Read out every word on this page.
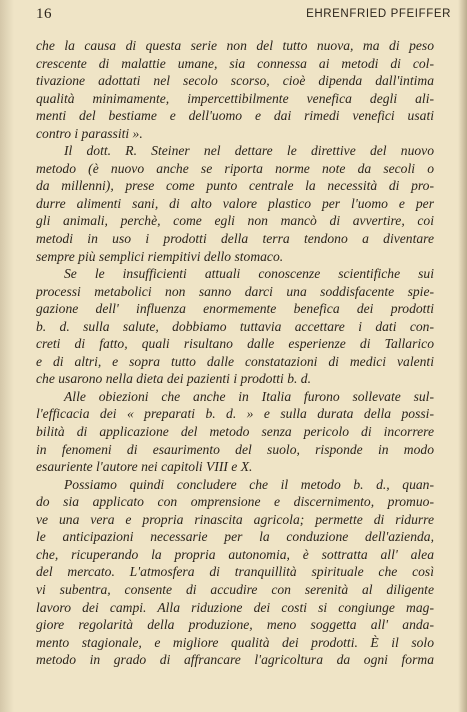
16	EHRENFRIED PFEIFFER
che la causa di questa serie non del tutto nuova, ma di peso
crescente di malattie umane, sia connessa ai metodi di col-
tivazione adottati nel secolo scorso, cioè dipenda dall'intima
qualità minimamente, impercettibilmente venefica degli ali-
menti del bestiame e dell'uomo e dai rimedi venefici usati
contro i parassiti ».
Il dott. R. Steiner nel dettare le direttive del nuovo
metodo (è nuovo anche se riporta norme note da secoli o
da millenni), prese come punto centrale la necessità di pro-
durre alimenti sani, di alto valore plastico per l'uomo e per
gli animali, perchè, come egli non mancò di avvertire, coi
metodi in uso i prodotti della terra tendono a diventare
sempre più semplici riempitivi dello stomaco.
Se le insufficienti attuali conoscenze scientifiche sui
processi metabolici non sanno darci una soddisfacente spie-
gazione dell' influenza enormemente benefica dei prodotti
b. d. sulla salute, dobbiamo tuttavia accettare i dati con-
creti di fatto, quali risultano dalle esperienze di Tallarico
e di altri, e sopra tutto dalle constatazioni di medici valenti
che usarono nella dieta dei pazienti i prodotti b. d.
Alle obiezioni che anche in Italia furono sollevate sul-
l'efficacia dei « preparati b. d. » e sulla durata della possi-
bilità di applicazione del metodo senza pericolo di incorrere
in fenomeni di esaurimento del suolo, risponde in modo
esauriente l'autore nei capitoli VIII e X.
Possiamo quindi concludere che il metodo b. d., quan-
do sia applicato con omprensione e discernimento, promuo-
ve una vera e propria rinascita agricola; permette di ridurre
le anticipazioni necessarie per la conduzione dell'azienda,
che, ricuperando la propria autonomia, è sottratta all' alea
del mercato. L'atmosfera di tranquillità spirituale che così
vi subentra, consente di accudire con serenità al diligente
lavoro dei campi. Alla riduzione dei costi si congiunge mag-
giore regolarità della produzione, meno soggetta all' anda-
mento stagionale, e migliore qualità dei prodotti. È il solo
metodo in grado di affrancare l'agricoltura da ogni forma
